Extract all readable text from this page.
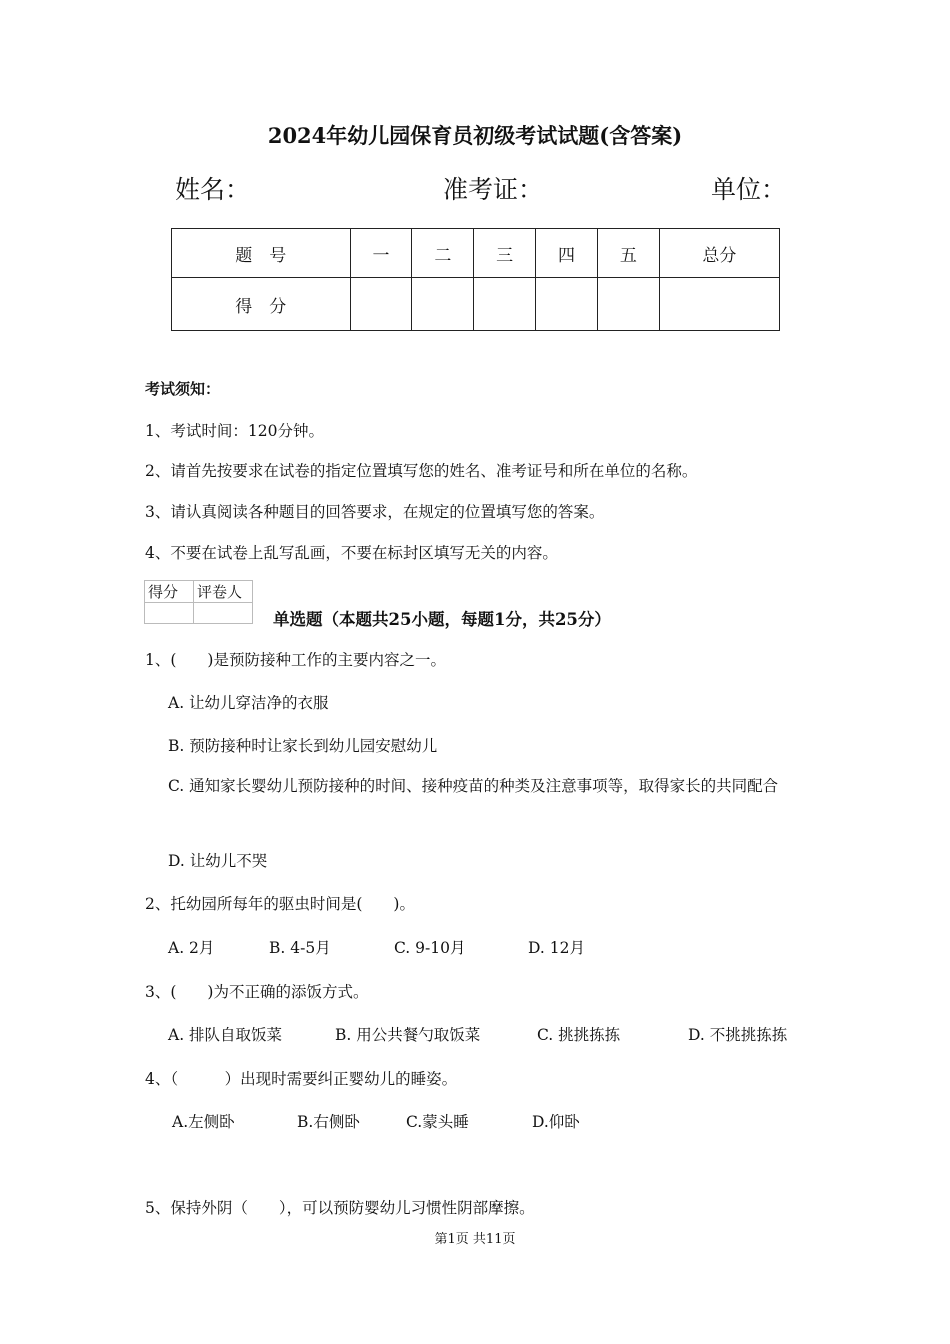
2024年幼儿园保育员初级考试试题(含答案)
姓名：	准考证：	单位：
题　号	一	二	三	四	五	总分
得　分						
考试须知：
1、考试时间：120分钟。
2、请首先按要求在试卷的指定位置填写您的姓名、准考证号和所在单位的名称。
3、请认真阅读各种题目的回答要求，在规定的位置填写您的答案。
4、不要在试卷上乱写乱画，不要在标封区填写无关的内容。
得分	评卷人

单选题（本题共25小题，每题1分，共25分）
1、(　　)是预防接种工作的主要内容之一。
A. 让幼儿穿洁净的衣服
B. 预防接种时让家长到幼儿园安慰幼儿
C. 通知家长婴幼儿预防接种的时间、接种疫苗的种类及注意事项等，取得家长的共同配合
D. 让幼儿不哭
2、托幼园所每年的驱虫时间是(　　)。
A. 2月	B. 4-5月	C. 9-10月	D. 12月
3、(　　)为不正确的添饭方式。
A. 排队自取饭菜	B. 用公共餐勺取饭菜	C. 挑挑拣拣	D. 不挑挑拣拣
4、（　　　）出现时需要纠正婴幼儿的睡姿。
A.左侧卧	B.右侧卧	C.蒙头睡	D.仰卧
5、保持外阴（　　），可以预防婴幼儿习惯性阴部摩擦。
第1页 共11页
